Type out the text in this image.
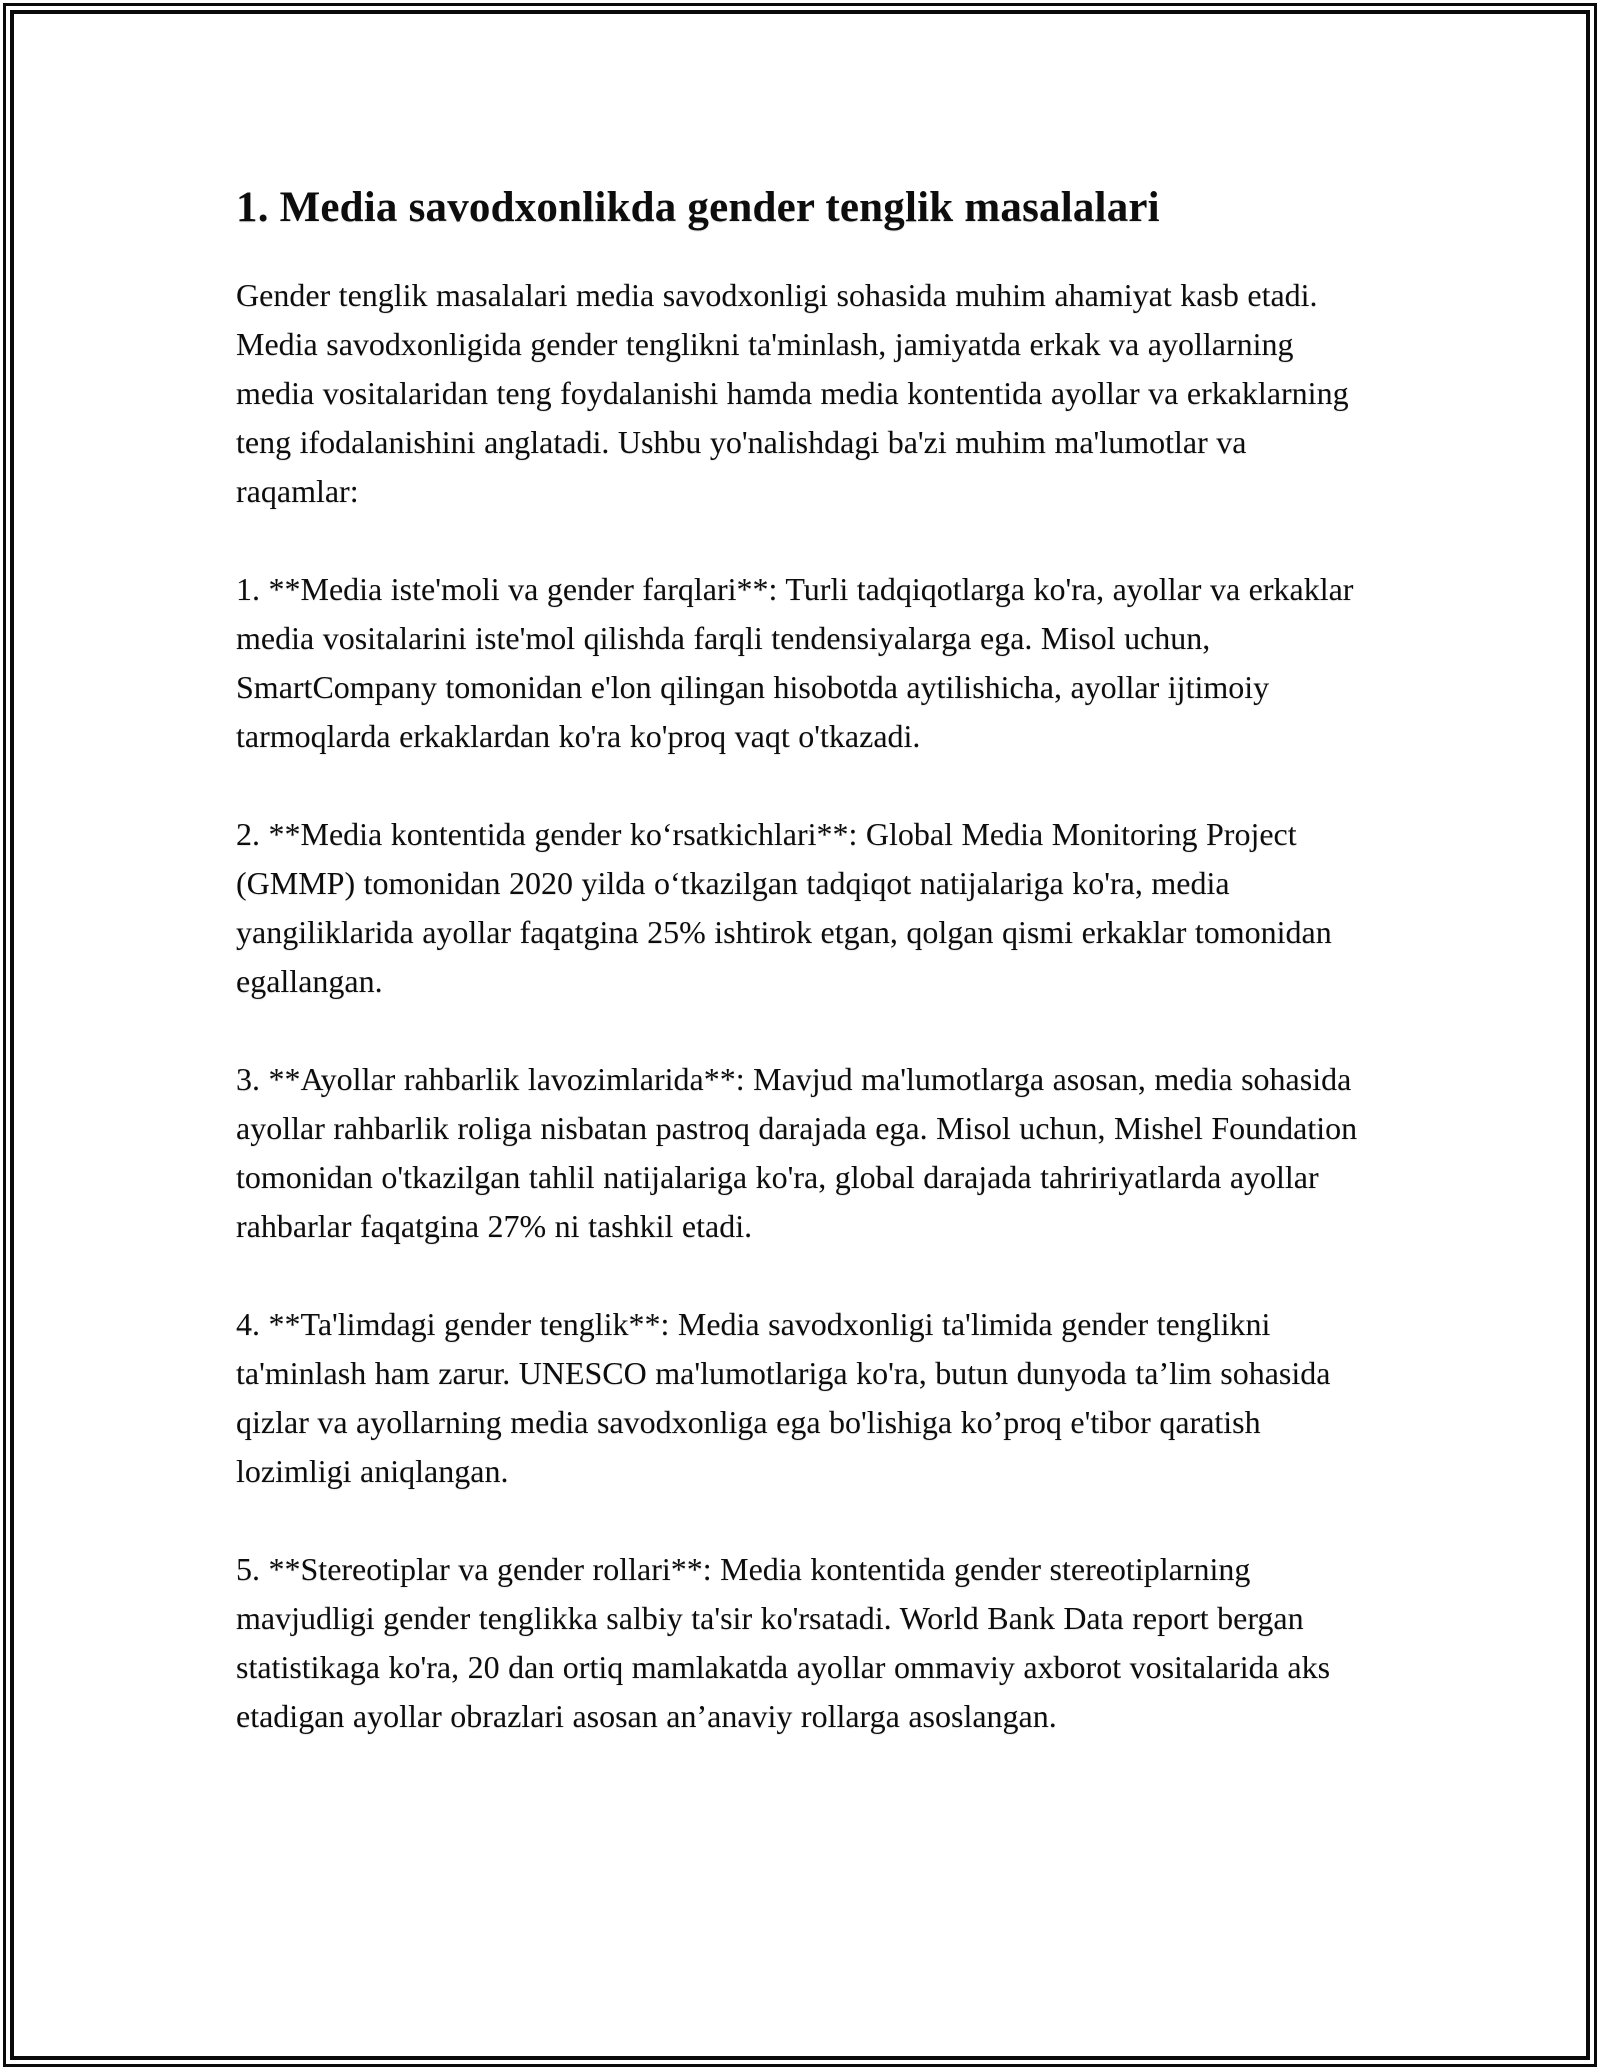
1. Media savodxonlikda gender tenglik masalalari

Gender tenglik masalalari media savodxonligi sohasida muhim ahamiyat kasb etadi. Media savodxonligida gender tenglikni ta'minlash, jamiyatda erkak va ayollarning media vositalaridan teng foydalanishi hamda media kontentida ayollar va erkaklarning teng ifodalanishini anglatadi. Ushbu yo'nalishdagi ba'zi muhim ma'lumotlar va raqamlar:

1. **Media iste'moli va gender farqlari**: Turli tadqiqotlarga ko'ra, ayollar va erkaklar media vositalarini iste'mol qilishda farqli tendensiyalarga ega. Misol uchun, SmartCompany tomonidan e'lon qilingan hisobotda aytilishicha, ayollar ijtimoiy tarmoqlarda erkaklardan ko'ra ko'proq vaqt o'tkazadi.

2. **Media kontentida gender ko‘rsatkichlari**: Global Media Monitoring Project (GMMP) tomonidan 2020 yilda o‘tkazilgan tadqiqot natijalariga ko'ra, media yangiliklarida ayollar faqatgina 25% ishtirok etgan, qolgan qismi erkaklar tomonidan egallangan.

3. **Ayollar rahbarlik lavozimlarida**: Mavjud ma'lumotlarga asosan, media sohasida ayollar rahbarlik roliga nisbatan pastroq darajada ega. Misol uchun, Mishel Foundation tomonidan o'tkazilgan tahlil natijalariga ko'ra, global darajada tahririyatlarda ayollar rahbarlar faqatgina 27% ni tashkil etadi.

4. **Ta'limdagi gender tenglik**: Media savodxonligi ta'limida gender tenglikni ta'minlash ham zarur. UNESCO ma'lumotlariga ko'ra, butun dunyoda ta’lim sohasida qizlar va ayollarning media savodxonliga ega bo'lishiga ko’proq e'tibor qaratish lozimligi aniqlangan.

5. **Stereotiplar va gender rollari**: Media kontentida gender stereotiplarning mavjudligi gender tenglikka salbiy ta'sir ko'rsatadi. World Bank Data report bergan statistikaga ko'ra, 20 dan ortiq mamlakatda ayollar ommaviy axborot vositalarida aks etadigan ayollar obrazlari asosan an’anaviy rollarga asoslangan.
